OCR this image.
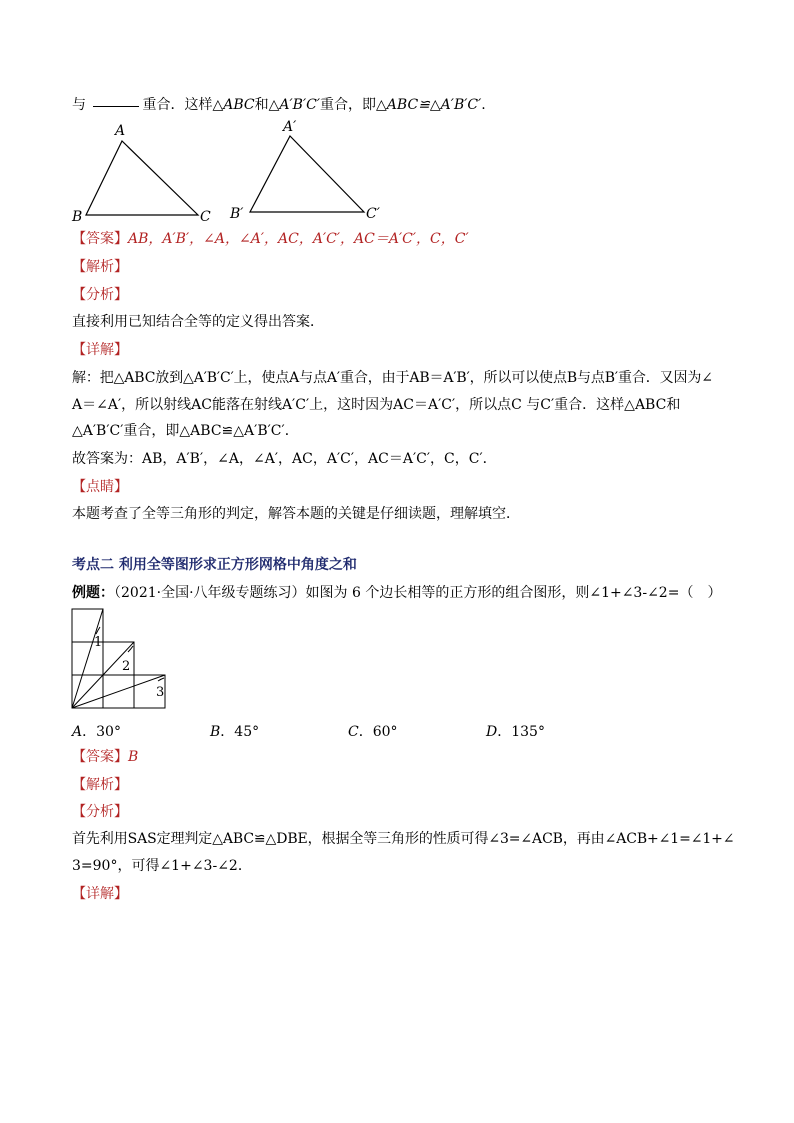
与	重合．这样△ABC和△A′B′C′重合，即△ABC≌△A′B′C′.
A
B	C
A′
B′	C′
【答案】AB，A′B′，∠A，∠A′，AC，A′C′，AC＝A′C′，C，C′
【解析】
【分析】
直接利用已知结合全等的定义得出答案．
【详解】
解：把△ABC放到△A′B′C′上，使点A与点A′重合，由于AB＝A′B′，所以可以使点B与点B′重合．又因为∠
A＝∠A′，所以射线AC能落在射线A′C′上，这时因为AC＝A′C′，所以点C 与C′重合．这样△ABC和
△A′B′C′重合，即△ABC≌△A′B′C′．
故答案为：AB，A′B′，∠A，∠A′，AC，A′C′，AC＝A′C′，C，C′．
【点睛】
本题考查了全等三角形的判定，解答本题的关键是仔细读题，理解填空．
考点二 利用全等图形求正方形网格中角度之和
例题：（2021·全国·八年级专题练习）如图为 6 个边长相等的正方形的组合图形，则∠1+∠3-∠2=（　）
1
2
3
A．30°	B．45°	C．60°	D．135°
【答案】B
【解析】
【分析】
首先利用SAS定理判定△ABC≌△DBE，根据全等三角形的性质可得∠3=∠ACB，再由∠ACB+∠1=∠1+∠
3=90°，可得∠1+∠3-∠2．
【详解】
